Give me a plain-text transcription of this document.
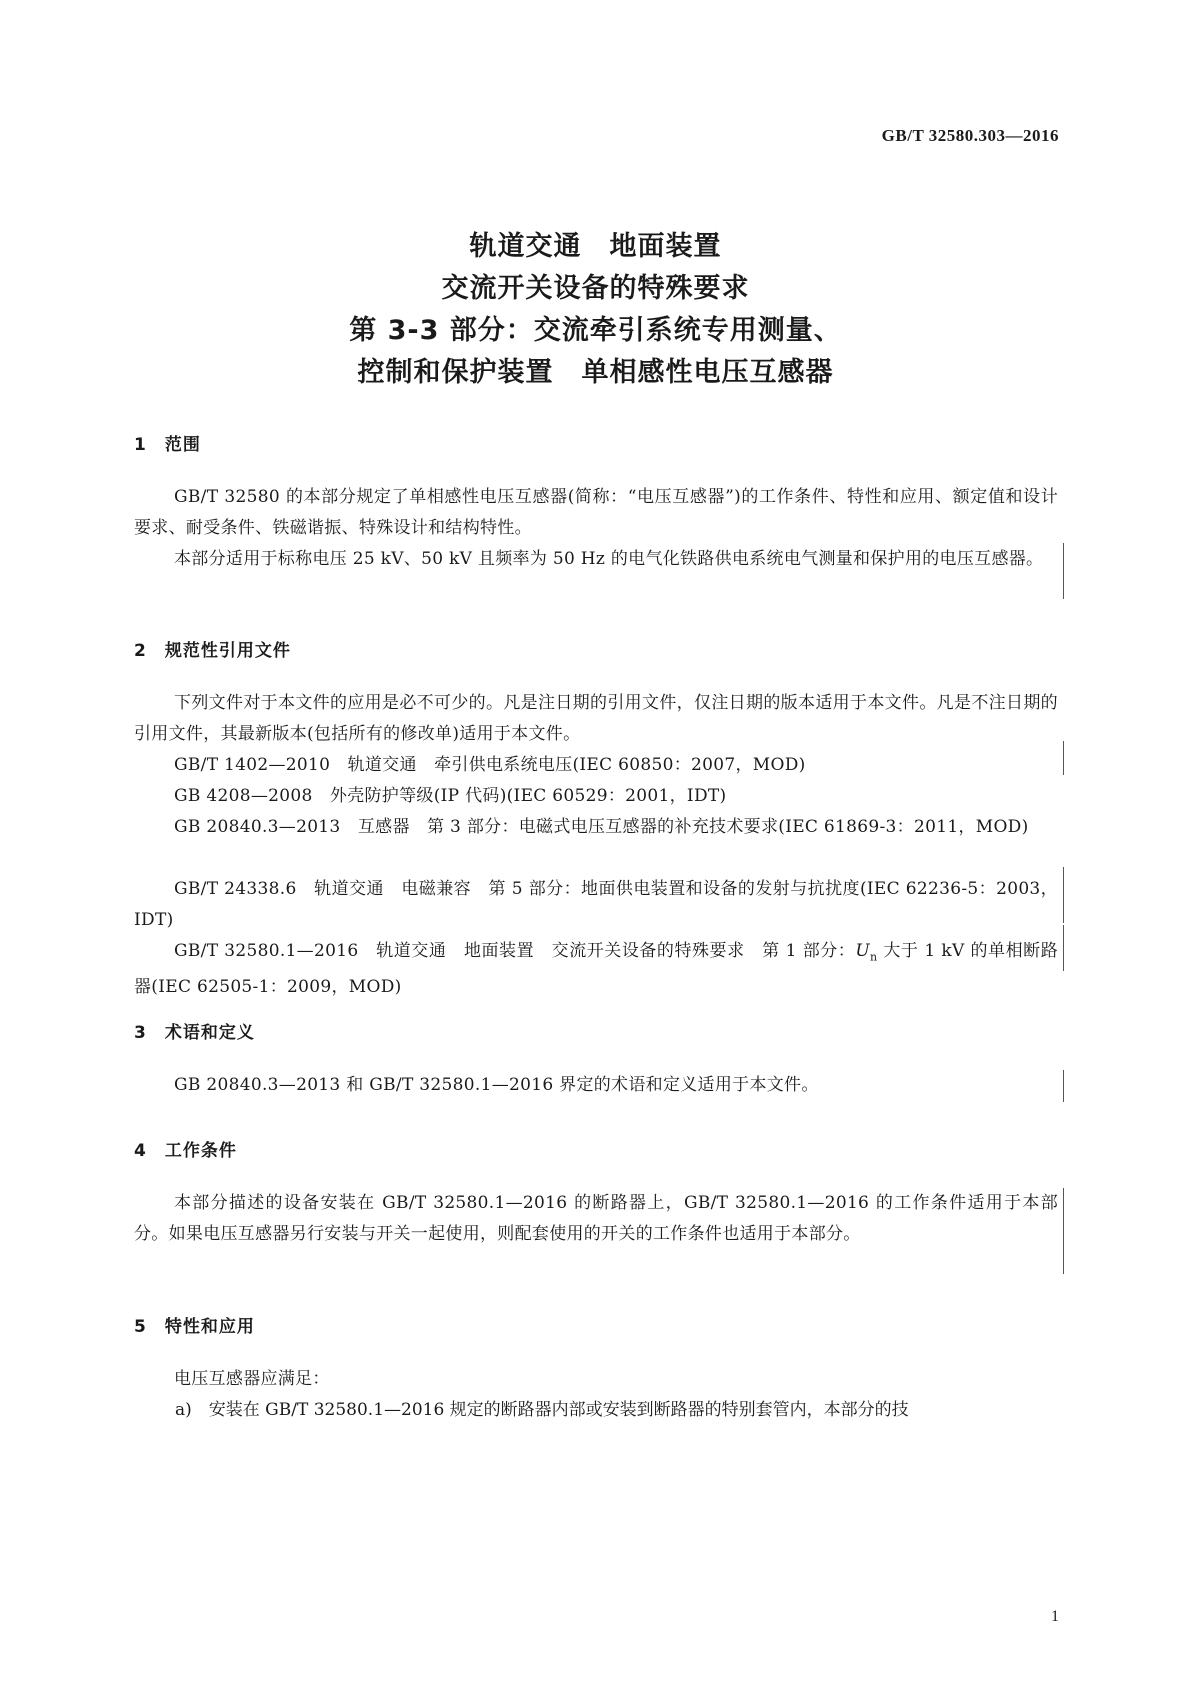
GB/T 32580.303—2016
轨道交通　地面装置
交流开关设备的特殊要求
第 3-3 部分：交流牵引系统专用测量、
控制和保护装置　单相感性电压互感器
1　范围
GB/T 32580 的本部分规定了单相感性电压互感器(简称：“电压互感器”)的工作条件、特性和应用、额定值和设计要求、耐受条件、铁磁谐振、特殊设计和结构特性。
本部分适用于标称电压 25 kV、50 kV 且频率为 50 Hz 的电气化铁路供电系统电气测量和保护用的电压互感器。
2　规范性引用文件
下列文件对于本文件的应用是必不可少的。凡是注日期的引用文件，仅注日期的版本适用于本文件。凡是不注日期的引用文件，其最新版本(包括所有的修改单)适用于本文件。
GB/T 1402—2010　轨道交通　牵引供电系统电压(IEC 60850：2007，MOD)
GB 4208—2008　外壳防护等级(IP 代码)(IEC 60529：2001，IDT)
GB 20840.3—2013　互感器　第 3 部分：电磁式电压互感器的补充技术要求(IEC 61869-3：2011，MOD)
GB/T 24338.6　轨道交通　电磁兼容　第 5 部分：地面供电装置和设备的发射与抗扰度(IEC 62236-5：2003，IDT)
GB/T 32580.1—2016　轨道交通　地面装置　交流开关设备的特殊要求　第 1 部分：$U_n$ 大于 1 kV 的单相断路器(IEC 62505-1：2009，MOD)
3　术语和定义
GB 20840.3—2013 和 GB/T 32580.1—2016 界定的术语和定义适用于本文件。
4　工作条件
本部分描述的设备安装在 GB/T 32580.1—2016 的断路器上，GB/T 32580.1—2016 的工作条件适用于本部分。如果电压互感器另行安装与开关一起使用，则配套使用的开关的工作条件也适用于本部分。
5　特性和应用
电压互感器应满足：
a)　安装在 GB/T 32580.1—2016 规定的断路器内部或安装到断路器的特别套管内，本部分的技
1
